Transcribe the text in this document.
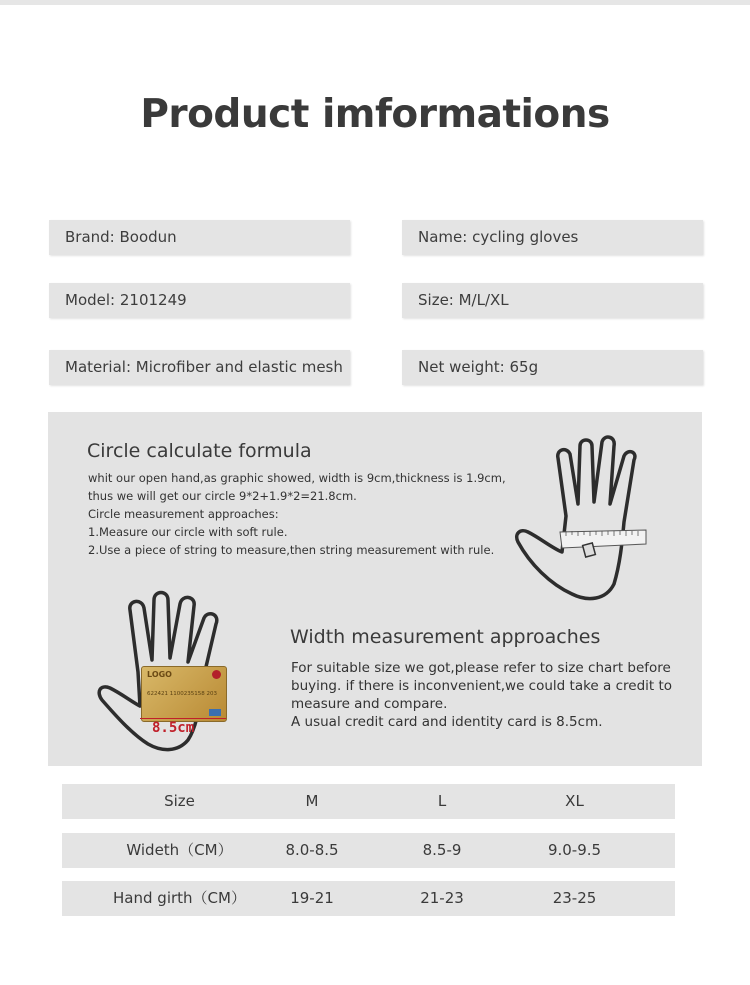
Product imformations
Brand: Boodun	Name: cycling gloves
Model: 2101249	Size: M/L/XL
Material: Microfiber and elastic mesh	Net weight: 65g
Circle calculate formula
whit our open hand,as graphic showed, width is 9cm,thickness is 1.9cm,
thus we will get our circle 9*2+1.9*2=21.8cm.
Circle measurement approaches:
1.Measure our circle with soft rule.
2.Use a piece of string to measure,then string measurement with rule.
LOGO
622421 1100235158 203
8.5cm
Width measurement approaches
For suitable size we got,please refer to size chart before
buying. if there is inconvenient,we could take a credit to
measure and compare.
A usual credit card and identity card is 8.5cm.
Size	M	L	XL
Wideth（CM）	8.0-8.5	8.5-9	9.0-9.5
Hand girth（CM）	19-21	21-23	23-25
